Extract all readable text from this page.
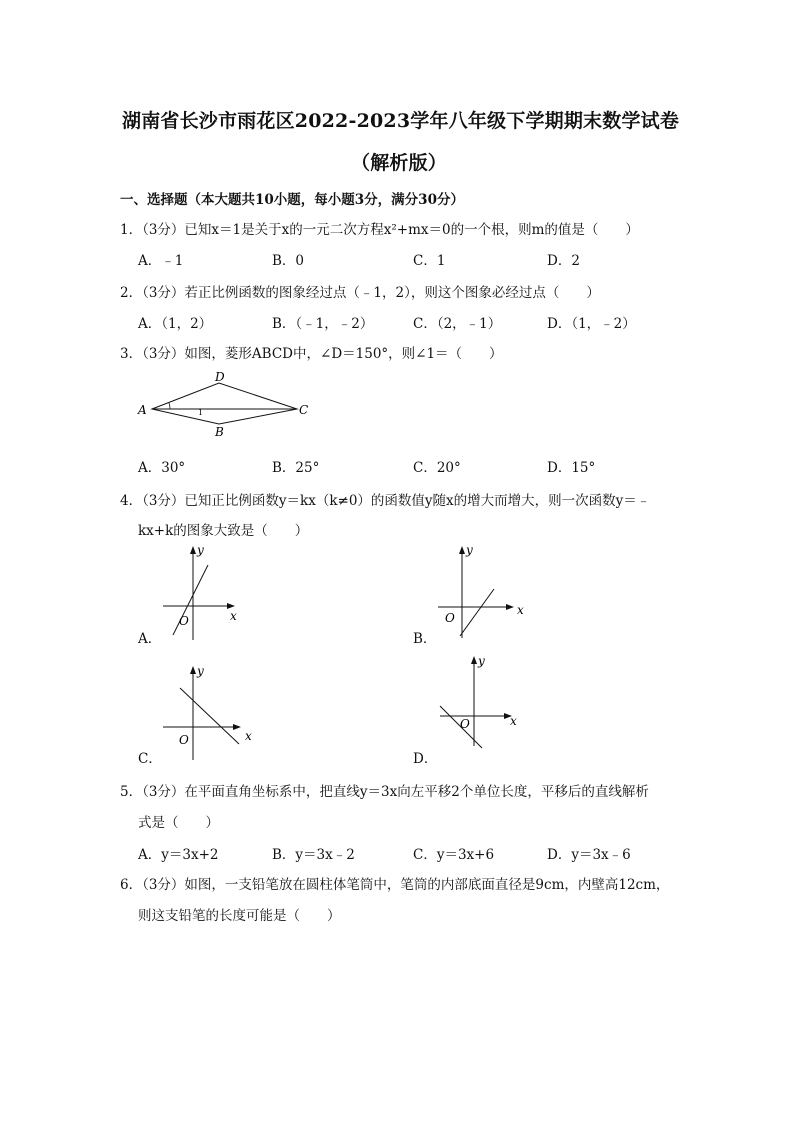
湖南省长沙市雨花区2022-2023学年八年级下学期期末数学试卷
（解析版）
一、选择题（本大题共10小题，每小题3分，满分30分）
1．（3分）已知x＝1是关于x的一元二次方程x²+mx＝0的一个根，则m的值是（　　）
A．﹣1	B．0	C．1	D．2
2．（3分）若正比例函数的图象经过点（﹣1，2），则这个图象必经过点（　　）
A．（1，2）	B．（﹣1，﹣2）	C．（2，﹣1）	D．（1，﹣2）
3．（3分）如图，菱形ABCD中，∠D＝150°，则∠1＝（　　）
D
A	1	C
B
A．30°	B．25°	C．20°	D．15°
4．（3分）已知正比例函数y＝kx（k≠0）的函数值y随x的增大而增大，则一次函数y＝﹣
kx+k的图象大致是（　　）
A．
y
x
O
B．
y
x
O
C．
y
x
O
D．
y
x
O
5．（3分）在平面直角坐标系中，把直线y＝3x向左平移2个单位长度，平移后的直线解析
式是（　　）
A．y＝3x+2	B．y＝3x﹣2	C．y＝3x+6	D．y＝3x﹣6
6．（3分）如图，一支铅笔放在圆柱体笔筒中，笔筒的内部底面直径是9cm，内壁高12cm，
则这支铅笔的长度可能是（　　）
